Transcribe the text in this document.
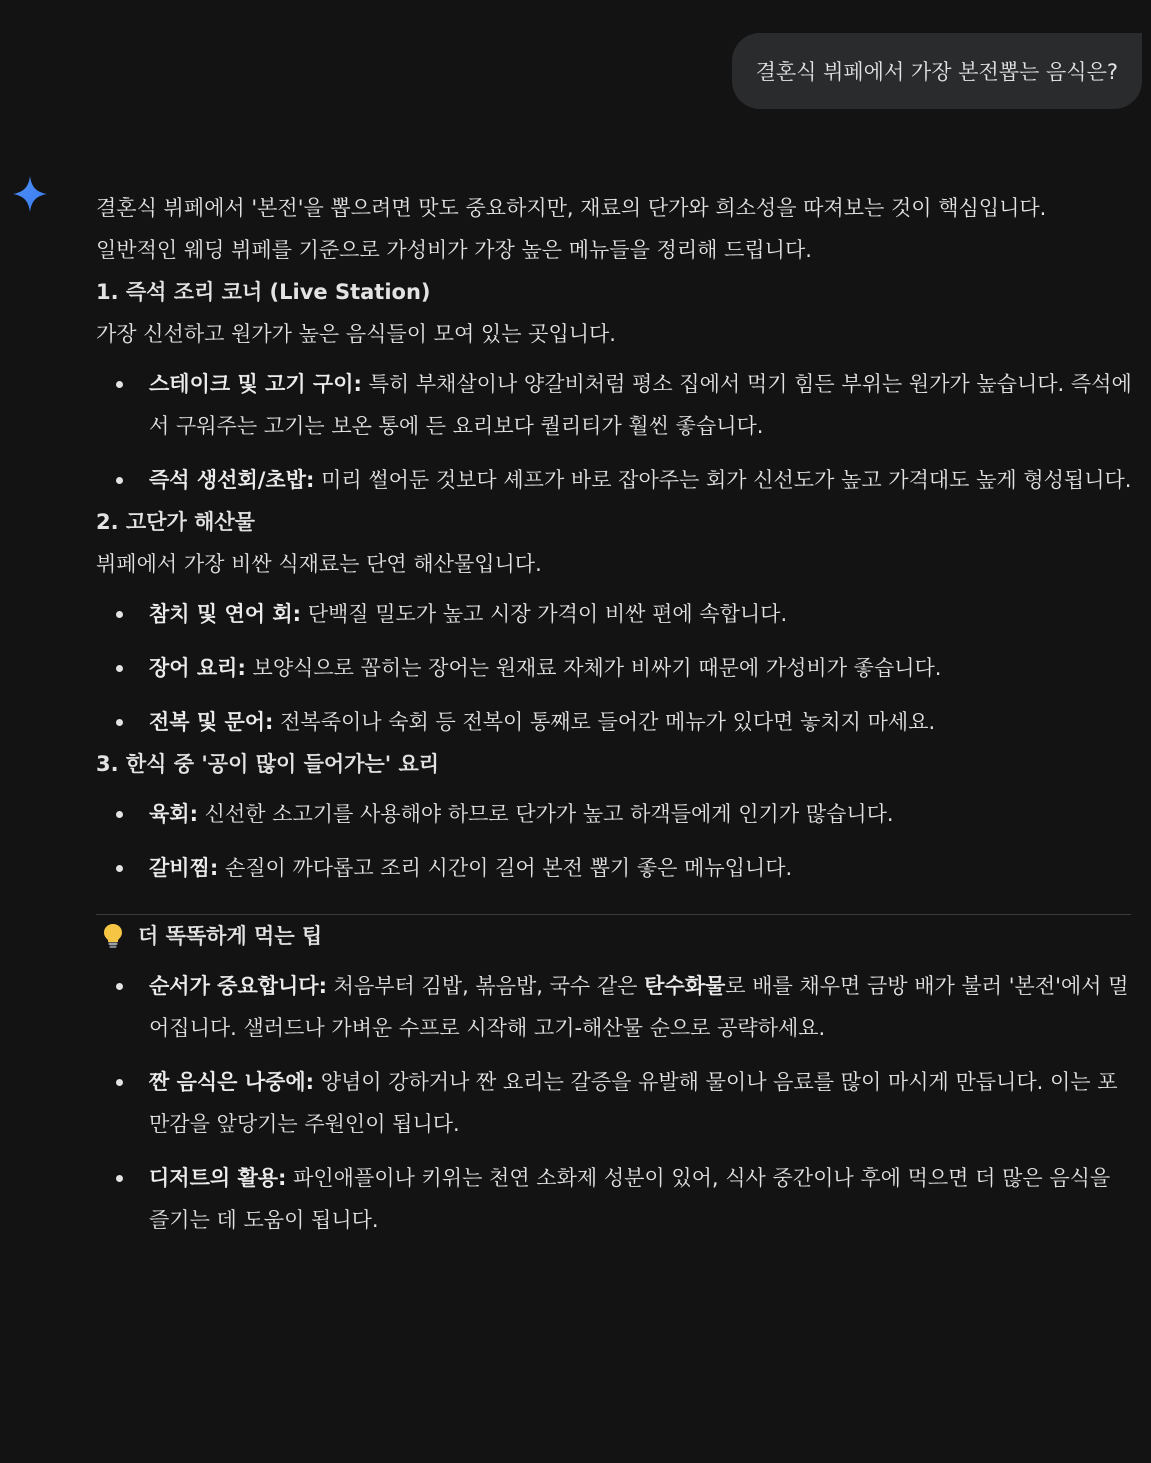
결혼식 뷔페에서 가장 본전뽑는 음식은?

결혼식 뷔페에서 '본전'을 뽑으려면 맛도 중요하지만, 재료의 단가와 희소성을 따져보는 것이 핵심입니다.

일반적인 웨딩 뷔페를 기준으로 가성비가 가장 높은 메뉴들을 정리해 드립니다.

1. 즉석 조리 코너 (Live Station)

가장 신선하고 원가가 높은 음식들이 모여 있는 곳입니다.

스테이크 및 고기 구이: 특히 부채살이나 양갈비처럼 평소 집에서 먹기 힘든 부위는 원가가 높습니다. 즉석에서 구워주는 고기는 보온 통에 든 요리보다 퀄리티가 훨씬 좋습니다.
즉석 생선회/초밥: 미리 썰어둔 것보다 셰프가 바로 잡아주는 회가 신선도가 높고 가격대도 높게 형성됩니다.

2. 고단가 해산물

뷔페에서 가장 비싼 식재료는 단연 해산물입니다.

참치 및 연어 회: 단백질 밀도가 높고 시장 가격이 비싼 편에 속합니다.
장어 요리: 보양식으로 꼽히는 장어는 원재료 자체가 비싸기 때문에 가성비가 좋습니다.
전복 및 문어: 전복죽이나 숙회 등 전복이 통째로 들어간 메뉴가 있다면 놓치지 마세요.

3. 한식 중 '공이 많이 들어가는' 요리

육회: 신선한 소고기를 사용해야 하므로 단가가 높고 하객들에게 인기가 많습니다.
갈비찜: 손질이 까다롭고 조리 시간이 길어 본전 뽑기 좋은 메뉴입니다.

더 똑똑하게 먹는 팁

순서가 중요합니다: 처음부터 김밥, 볶음밥, 국수 같은 탄수화물로 배를 채우면 금방 배가 불러 '본전'에서 멀어집니다. 샐러드나 가벼운 수프로 시작해 고기-해산물 순으로 공략하세요.
짠 음식은 나중에: 양념이 강하거나 짠 요리는 갈증을 유발해 물이나 음료를 많이 마시게 만듭니다. 이는 포만감을 앞당기는 주원인이 됩니다.
디저트의 활용: 파인애플이나 키위는 천연 소화제 성분이 있어, 식사 중간이나 후에 먹으면 더 많은 음식을 즐기는 데 도움이 됩니다.
